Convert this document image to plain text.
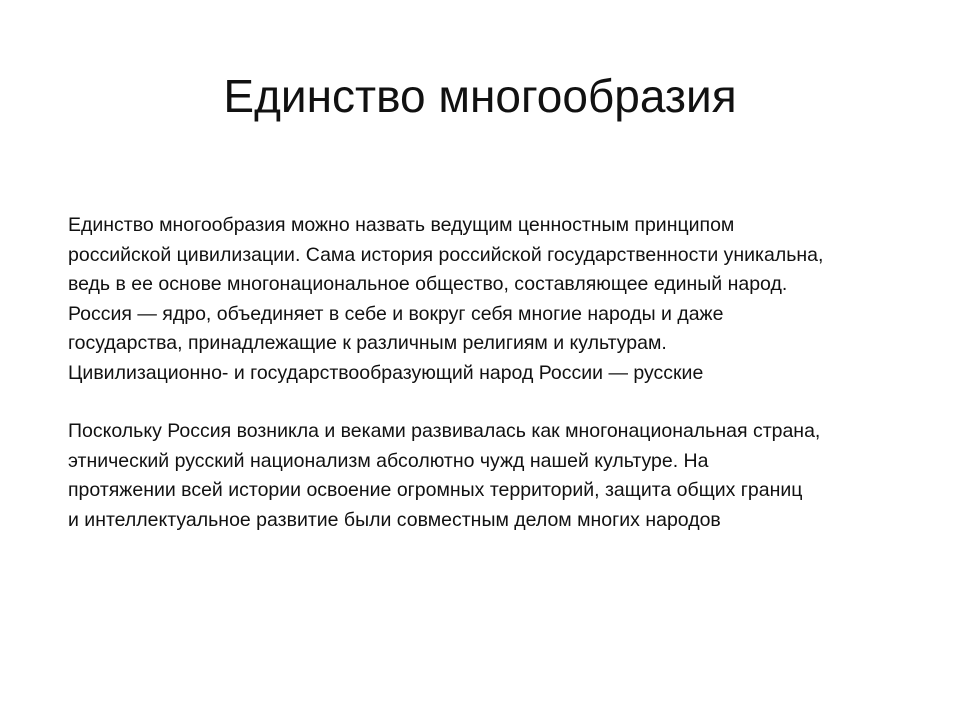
Единство многообразия
Единство многообразия можно назвать ведущим ценностным принципом
российской цивилизации. Сама история российской государственности уникальна,
ведь в ее основе многонациональное общество, составляющее единый народ.
Россия — ядро, объединяет в себе и вокруг себя многие народы и даже
государства, принадлежащие к различным религиям и культурам.
Цивилизационно- и государствообразующий народ России — русские
Поскольку Россия возникла и веками развивалась как многонациональная страна,
этнический русский национализм абсолютно чужд нашей культуре. На
протяжении всей истории освоение огромных территорий, защита общих границ
и интеллектуальное развитие были совместным делом многих народов
